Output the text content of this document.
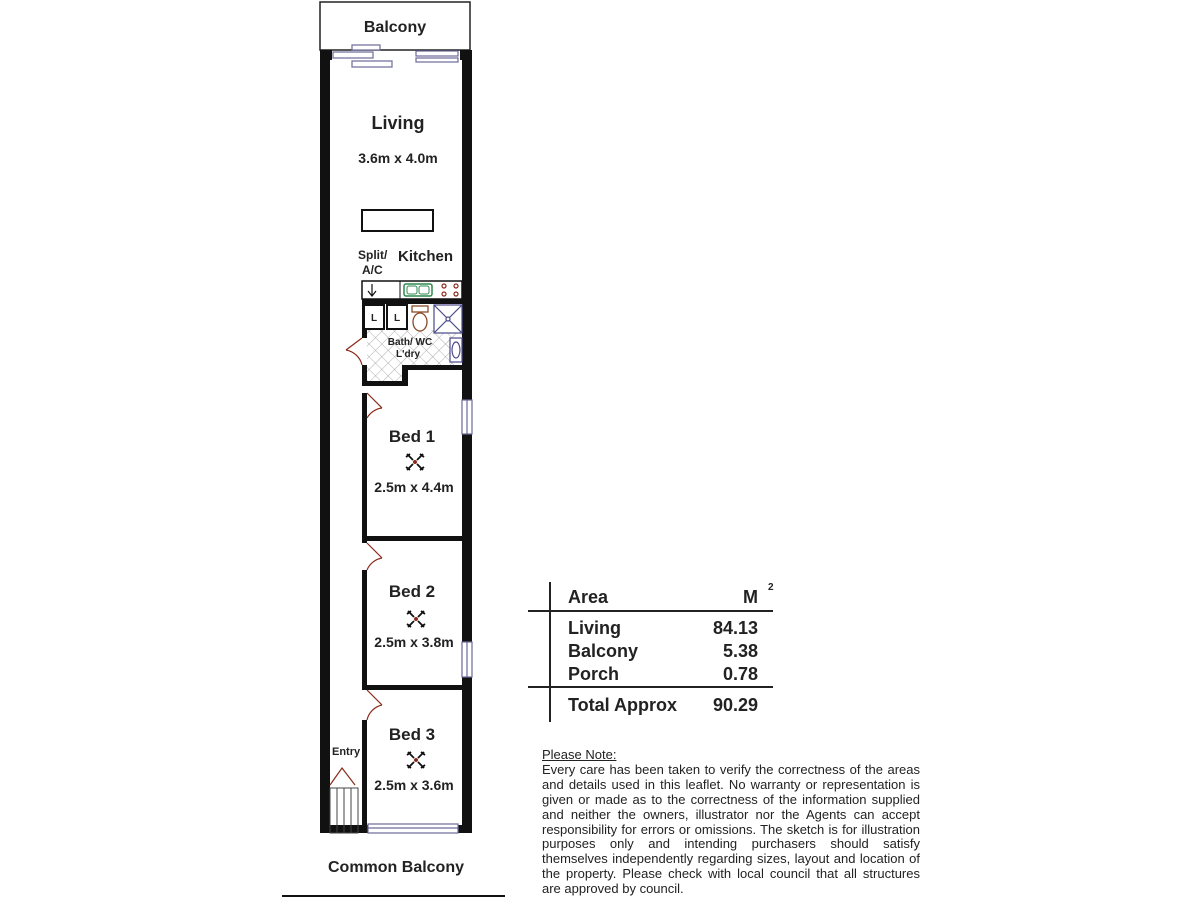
Balcony
Living
3.6m x 4.0m
Split/
A/C
Kitchen
L L
Bath/ WC
L'dry
Entry
Bed 1
2.5m x 4.4m
Bed 2
2.5m x 3.8m
Bed 3
2.5m x 3.6m
Common Balcony
Area	M 2
Living	84.13
Balcony	5.38
Porch	0.78
Total Approx	90.29
Please Note:
Every care has been taken to verify the correctness of the areas and details used in this leaflet. No warranty or representation is given or made as to the correctness of the information supplied and neither the owners, illustrator nor the Agents can accept responsibility for errors or omissions. The sketch is for illustration purposes only and intending purchasers should satisfy themselves independently regarding sizes, layout and location of the property. Please check with local council that all structures are approved by council.
